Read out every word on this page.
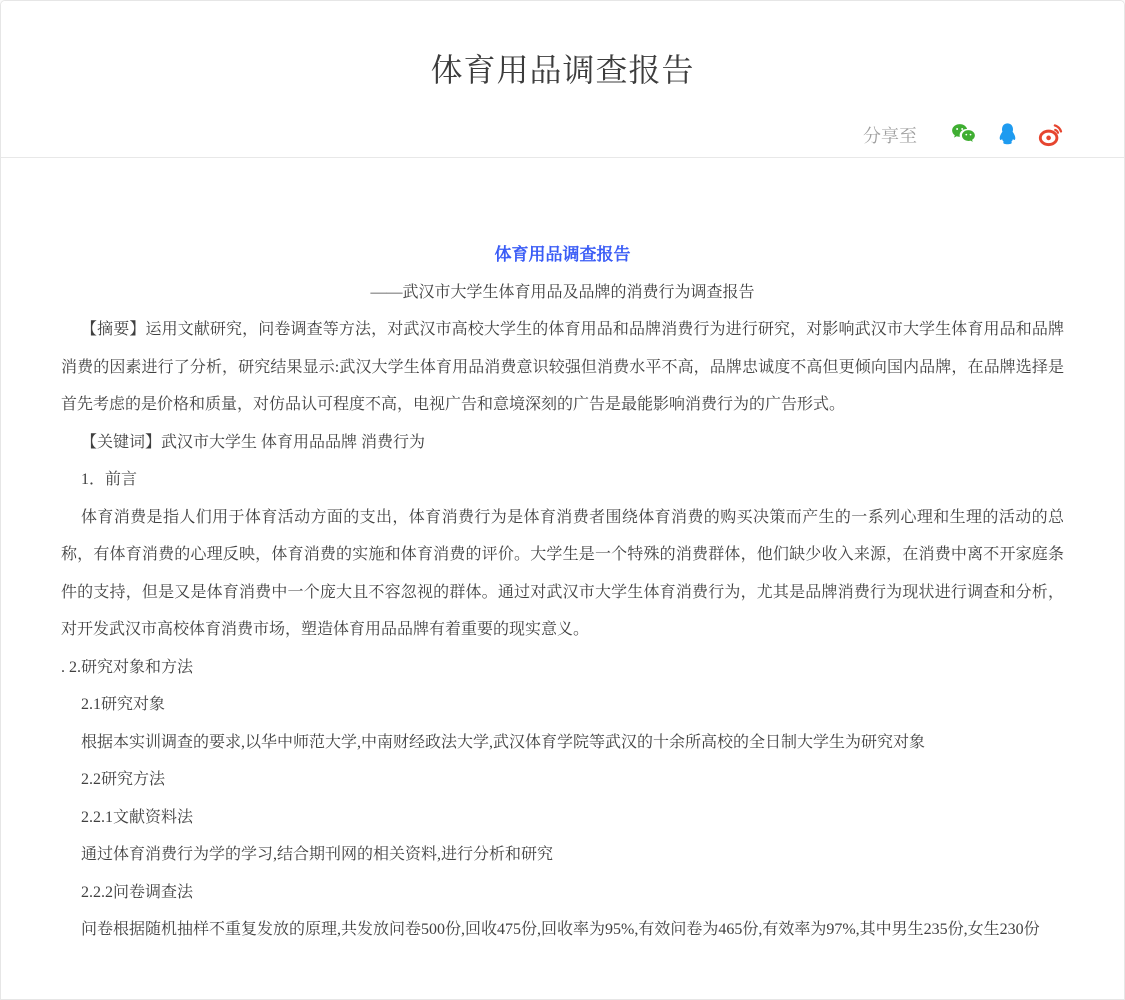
体育用品调查报告
分享至

体育用品调查报告

——武汉市大学生体育用品及品牌的消费行为调查报告

【摘要】运用文献研究，问卷调查等方法，对武汉市高校大学生的体育用品和品牌消费行为进行研究，对影响武汉市大学生体育用品和品牌消费的因素进行了分析，研究结果显示:武汉大学生体育用品消费意识较强但消费水平不高，品牌忠诚度不高但更倾向国内品牌，在品牌选择是首先考虑的是价格和质量，对仿品认可程度不高，电视广告和意境深刻的广告是最能影响消费行为的广告形式。

【关键词】武汉市大学生 体育用品品牌 消费行为

1．前言

体育消费是指人们用于体育活动方面的支出，体育消费行为是体育消费者围绕体育消费的购买决策而产生的一系列心理和生理的活动的总称，有体育消费的心理反映，体育消费的实施和体育消费的评价。大学生是一个特殊的消费群体，他们缺少收入来源，在消费中离不开家庭条件的支持，但是又是体育消费中一个庞大且不容忽视的群体。通过对武汉市大学生体育消费行为，尤其是品牌消费行为现状进行调查和分析，对开发武汉市高校体育消费市场，塑造体育用品品牌有着重要的现实意义。

. 2.研究对象和方法

2.1研究对象

根据本实训调查的要求,以华中师范大学,中南财经政法大学,武汉体育学院等武汉的十余所高校的全日制大学生为研究对象

2.2研究方法

2.2.1文献资料法

通过体育消费行为学的学习,结合期刊网的相关资料,进行分析和研究

2.2.2问卷调查法

问卷根据随机抽样不重复发放的原理,共发放问卷500份,回收475份,回收率为95%,有效问卷为465份,有效率为97%,其中男生235份,女生230份
